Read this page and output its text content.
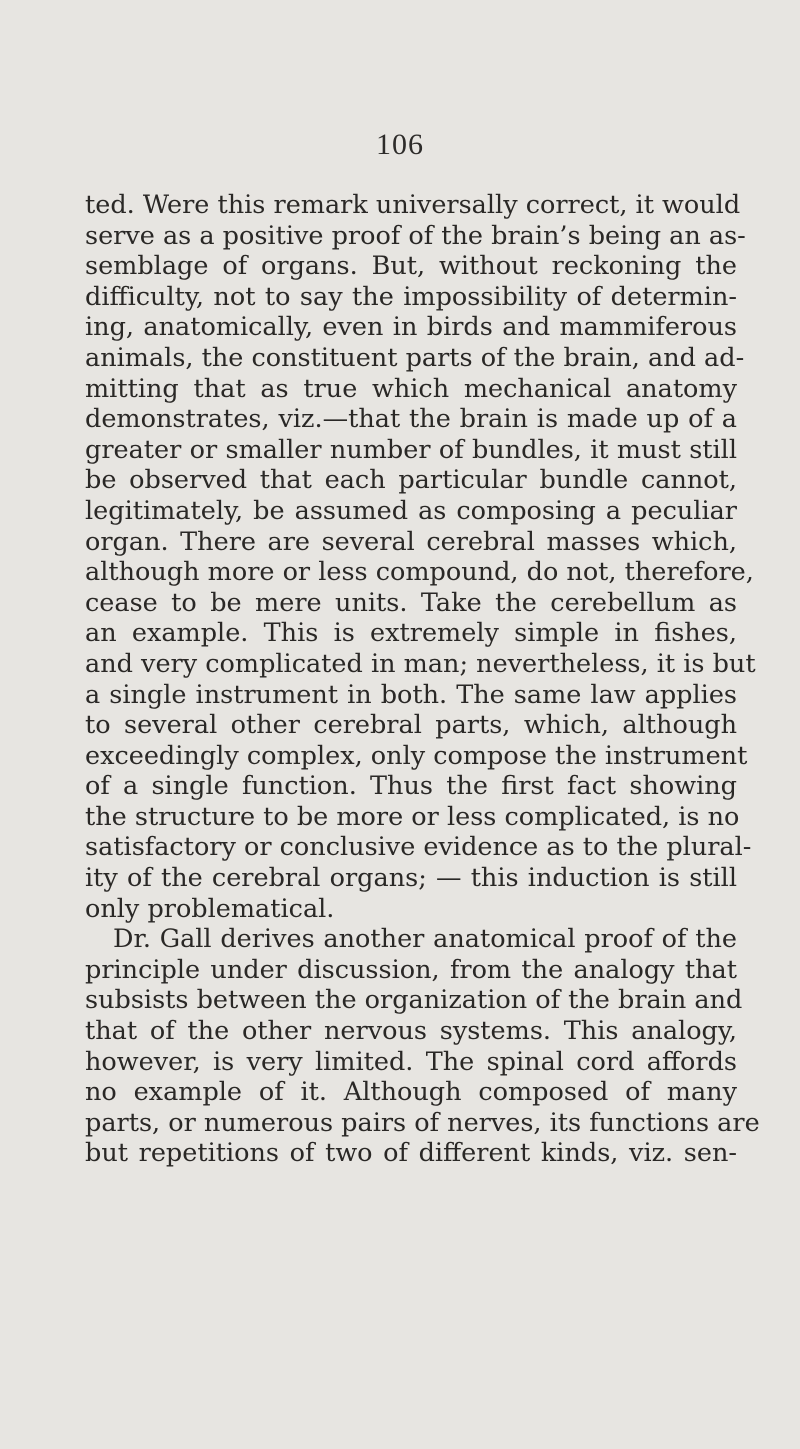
106
ted. Were this remark universally correct, it would
serve as a positive proof of the brain’s being an as-
semblage of organs. But, without reckoning the
difficulty, not to say the impossibility of determin-
ing, anatomically, even in birds and mammiferous
animals, the constituent parts of the brain, and ad-
mitting that as true which mechanical anatomy
demonstrates, viz.—that the brain is made up of a
greater or smaller number of bundles, it must still
be observed that each particular bundle cannot,
legitimately, be assumed as composing a peculiar
organ. There are several cerebral masses which,
although more or less compound, do not, therefore,
cease to be mere units. Take the cerebellum as
an example. This is extremely simple in fishes,
and very complicated in man; nevertheless, it is but
a single instrument in both. The same law applies
to several other cerebral parts, which, although
exceedingly complex, only compose the instrument
of a single function. Thus the first fact showing
the structure to be more or less complicated, is no
satisfactory or conclusive evidence as to the plural-
ity of the cerebral organs; — this induction is still
only problematical.
Dr. Gall derives another anatomical proof of the
principle under discussion, from the analogy that
subsists between the organization of the brain and
that of the other nervous systems. This analogy,
however, is very limited. The spinal cord affords
no example of it. Although composed of many
parts, or numerous pairs of nerves, its functions are
but repetitions of two of different kinds, viz. sen-
